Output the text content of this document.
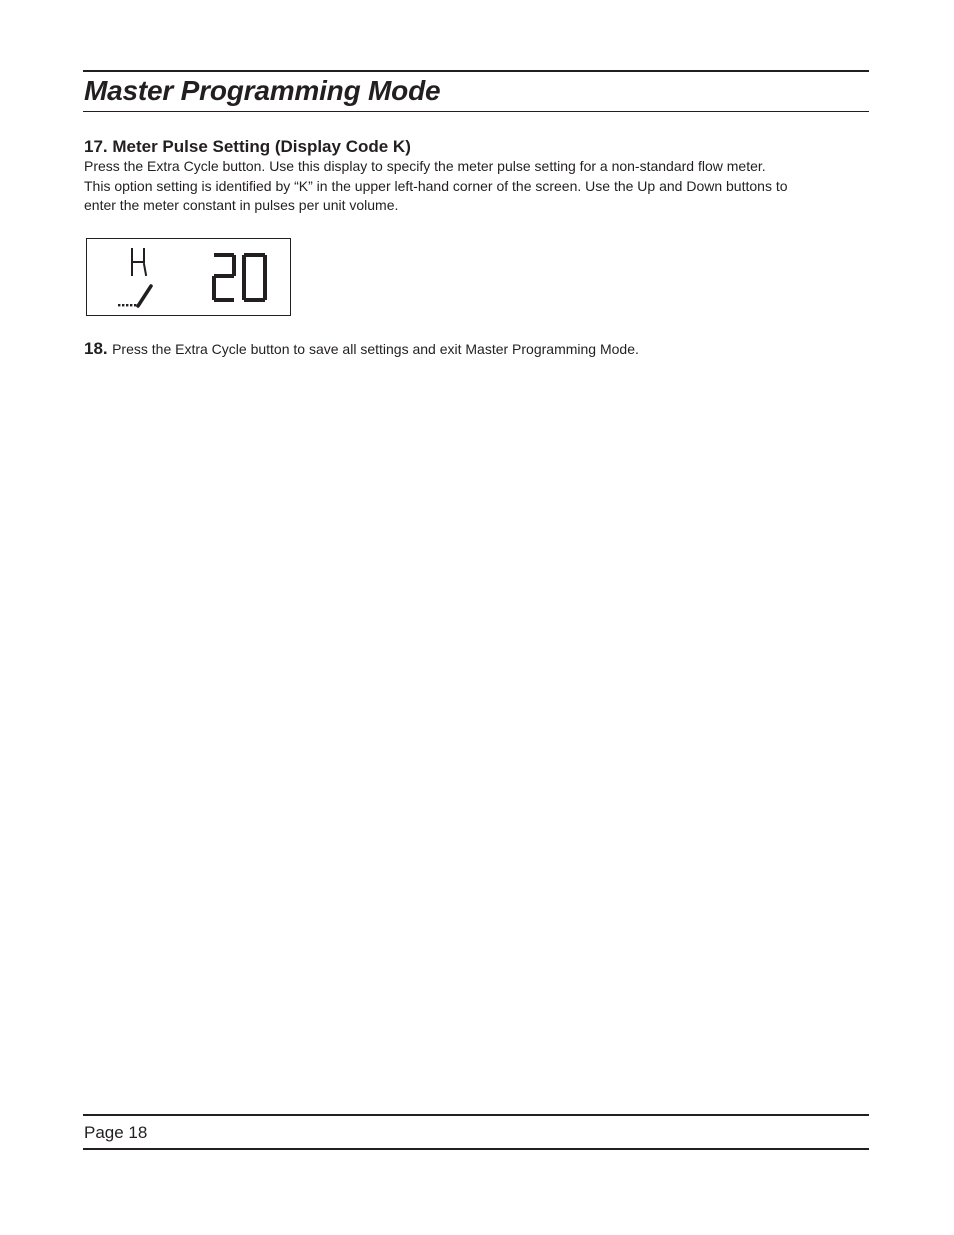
Master Programming Mode
17. Meter Pulse Setting (Display Code K)
Press the Extra Cycle button. Use this display to specify the meter pulse setting for a non-standard flow meter.
This option setting is identified by “K” in the upper left-hand corner of the screen. Use the Up and Down buttons to
enter the meter constant in pulses per unit volume.

18. Press the Extra Cycle button to save all settings and exit Master Programming Mode.

Page 18
